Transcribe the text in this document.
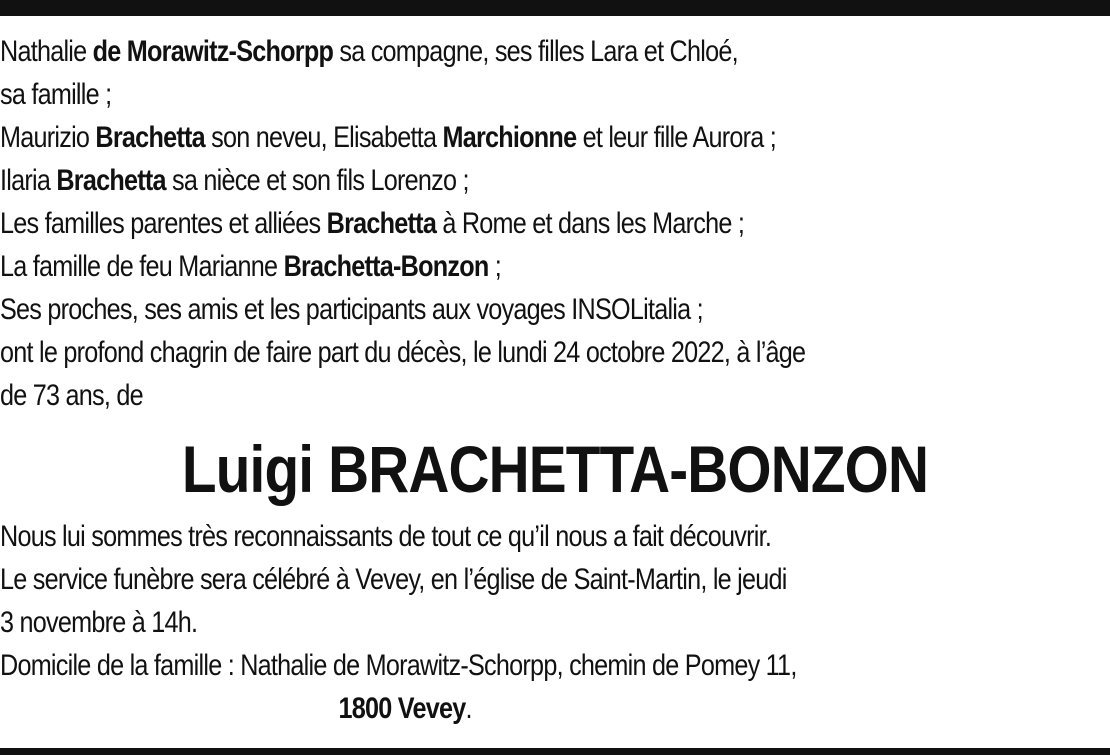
Nathalie de Morawitz-Schorpp sa compagne, ses filles Lara et Chloé,
sa famille ;
Maurizio Brachetta son neveu, Elisabetta Marchionne et leur fille Aurora ;
Ilaria Brachetta sa nièce et son fils Lorenzo ;
Les familles parentes et alliées Brachetta à Rome et dans les Marche ;
La famille de feu Marianne Brachetta-Bonzon ;
Ses proches, ses amis et les participants aux voyages INSOLitalia ;
ont le profond chagrin de faire part du décès, le lundi 24 octobre 2022, à l’âge
de 73 ans, de
Luigi BRACHETTA-BONZON
Nous lui sommes très reconnaissants de tout ce qu’il nous a fait découvrir.
Le service funèbre sera célébré à Vevey, en l’église de Saint-Martin, le jeudi
3 novembre à 14h.
Domicile de la famille : Nathalie de Morawitz-Schorpp, chemin de Pomey 11,
1800 Vevey.
